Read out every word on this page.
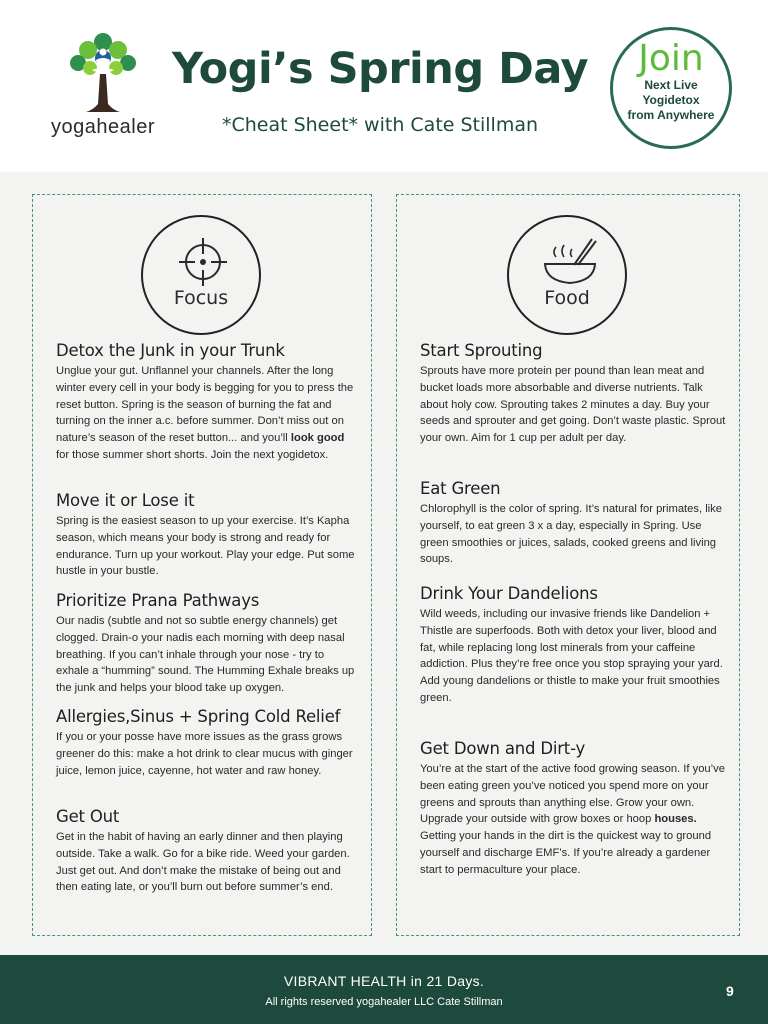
yogahealer
Yogi’s Spring Day
*Cheat Sheet* with Cate Stillman
Join
Next Live
Yogidetox
from Anywhere
Focus
Detox the Junk in your Trunk

Unglue your gut. Unflannel your channels. After the long winter every cell in your body is begging for you to press the reset button. Spring is the season of burning the fat and turning on the inner a.c. before summer. Don’t miss out on nature’s season of the reset button... and you’ll look good for those summer short shorts. Join the next yogidetox.

Move it or Lose it

Spring is the easiest season to up your exercise. It’s Kapha season, which means your body is strong and ready for endurance. Turn up your workout. Play your edge. Put some hustle in your bustle.

Prioritize Prana Pathways

Our nadis (subtle and not so subtle energy channels) get clogged. Drain-o your nadis each morning with deep nasal breathing. If you can’t inhale through your nose - try to exhale a “humming” sound. The Humming Exhale breaks up the junk and helps your blood take up oxygen.

Allergies,Sinus + Spring Cold Relief

If you or your posse have more issues as the grass grows greener do this: make a hot drink to clear mucus with ginger juice, lemon juice, cayenne, hot water and raw honey.

Get Out

Get in the habit of having an early dinner and then playing outside. Take a walk. Go for a bike ride. Weed your garden. Just get out. And don’t make the mistake of being out and then eating late, or you’ll burn out before summer’s end.

Food
Start Sprouting

Sprouts have more protein per pound than lean meat and bucket loads more absorbable and diverse nutrients. Talk about holy cow. Sprouting takes 2 minutes a day. Buy your seeds and sprouter and get going. Don’t waste plastic. Sprout your own. Aim for 1 cup per adult per day.

Eat Green

Chlorophyll is the color of spring. It’s natural for primates, like yourself, to eat green 3 x a day, especially in Spring. Use green smoothies or juices, salads, cooked greens and living soups.

Drink Your Dandelions

Wild weeds, including our invasive friends like Dandelion + Thistle are superfoods. Both with detox your liver, blood and fat, while replacing long lost minerals from your caffeine addiction. Plus they’re free once you stop spraying your yard. Add young dandelions or thistle to make your fruit smoothies green.

Get Down and Dirt-y

You’re at the start of the active food growing season. If you’ve been eating green you’ve noticed you spend more on your greens and sprouts than anything else. Grow your own. Upgrade your outside with grow boxes or hoop houses. Getting your hands in the dirt is the quickest way to ground yourself and discharge EMF’s. If you’re already a gardener start to permaculture your place.

VIBRANT HEALTH in 21 Days.
All rights reserved yogahealer LLC Cate Stillman
9
